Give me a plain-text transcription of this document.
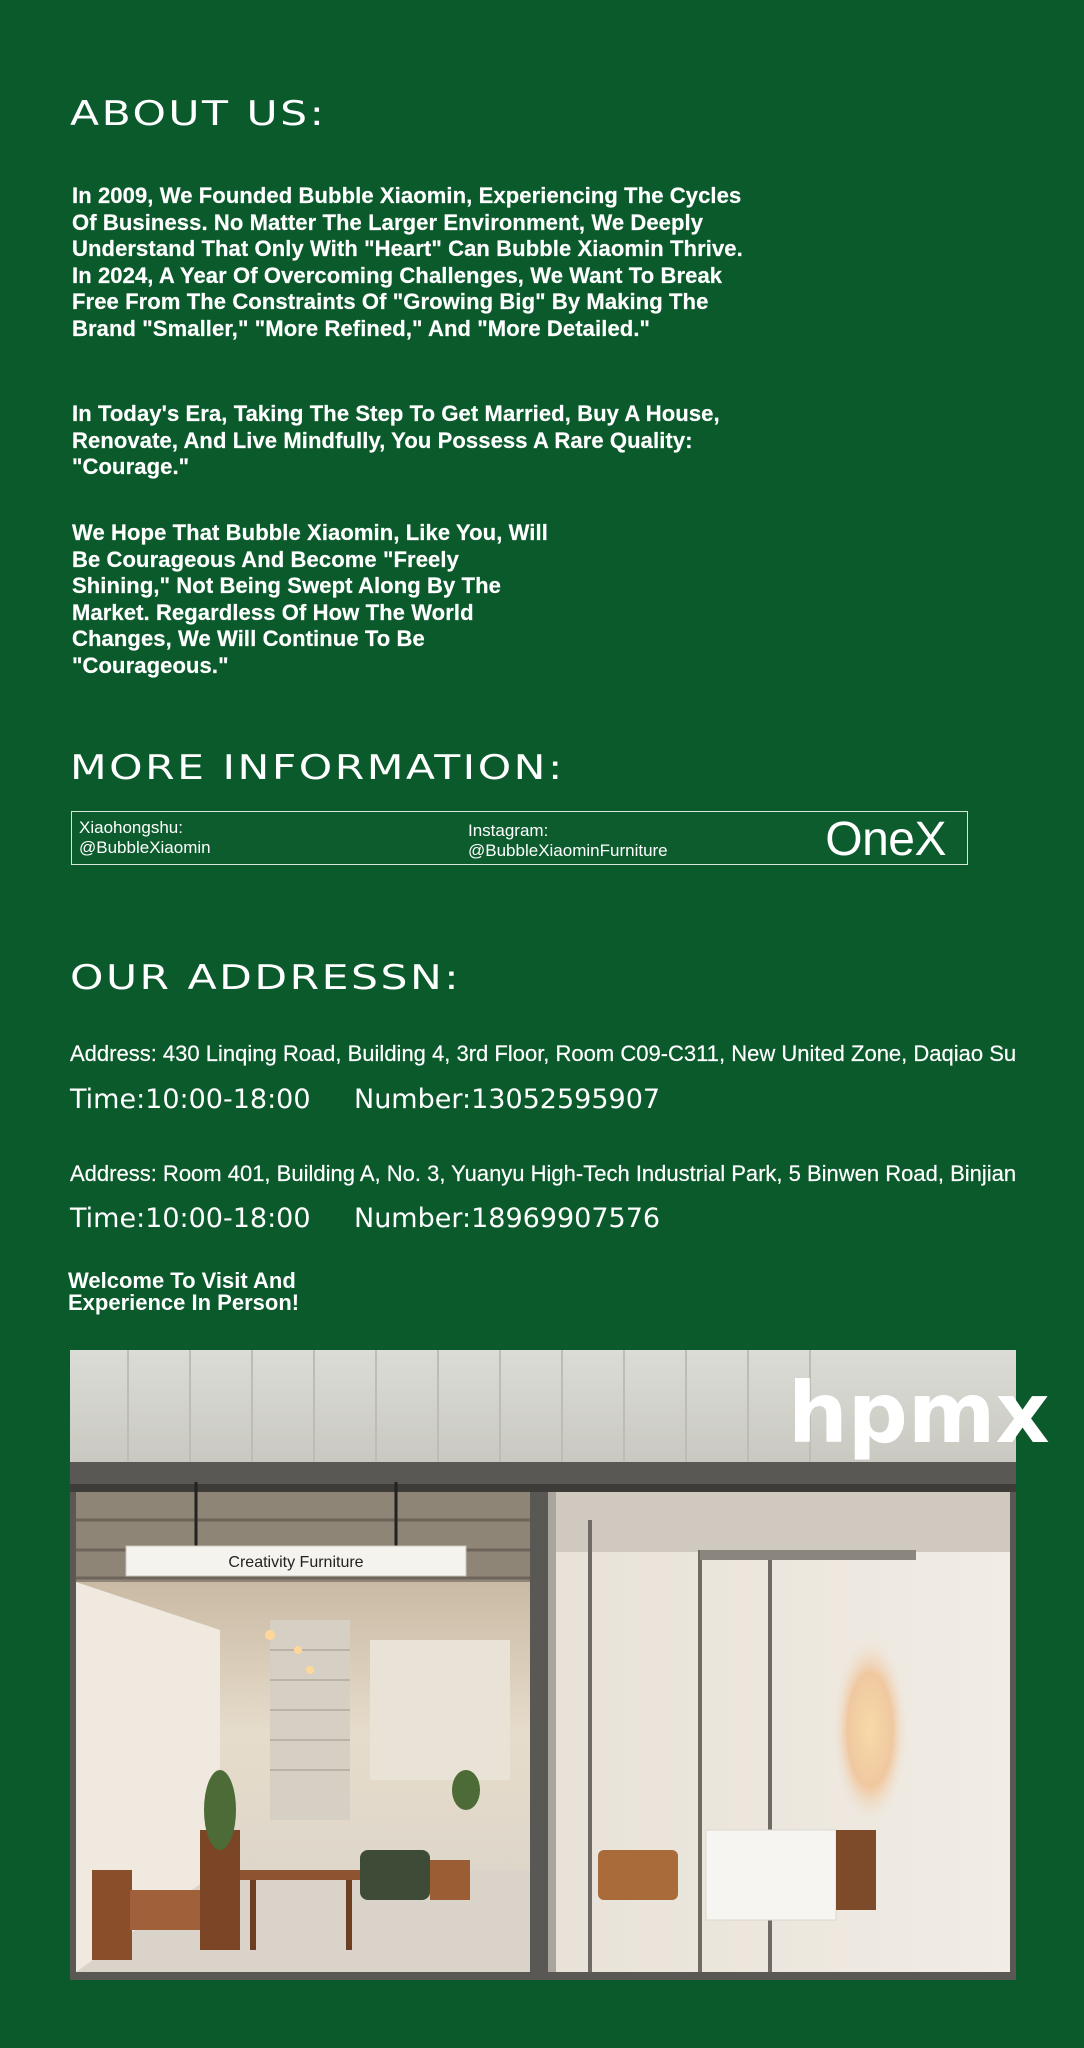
ABOUT US:

In 2009, We Founded Bubble Xiaomin, Experiencing The Cycles
Of Business. No Matter The Larger Environment, We Deeply
Understand That Only With "Heart" Can Bubble Xiaomin Thrive.
In 2024, A Year Of Overcoming Challenges, We Want To Break
Free From The Constraints Of "Growing Big" By Making The
Brand "Smaller," "More Refined," And "More Detailed."

In Today's Era, Taking The Step To Get Married, Buy A House,
Renovate, And Live Mindfully, You Possess A Rare Quality:
"Courage."

We Hope That Bubble Xiaomin, Like You, Will
Be Courageous And Become "Freely
Shining," Not Being Swept Along By The
Market. Regardless Of How The World
Changes, We Will Continue To Be
"Courageous."

MORE INFORMATION:
Xiaohongshu:
@BubbleXiaomin
Instagram:
@BubbleXiaominFurniture	OneX
OUR ADDRESSN:

Address: 430 Linqing Road, Building 4, 3rd Floor, Room C09-C311, New United Zone, Daqiao Su

Time:10:00-18:00 Number:13052595907

Address: Room 401, Building A, No. 3, Yuanyu High-Tech Industrial Park, 5 Binwen Road, Binjian

Time:10:00-18:00 Number:18969907576
Welcome To Visit And
Experience In Person!
hpmx
Creativity Furniture
